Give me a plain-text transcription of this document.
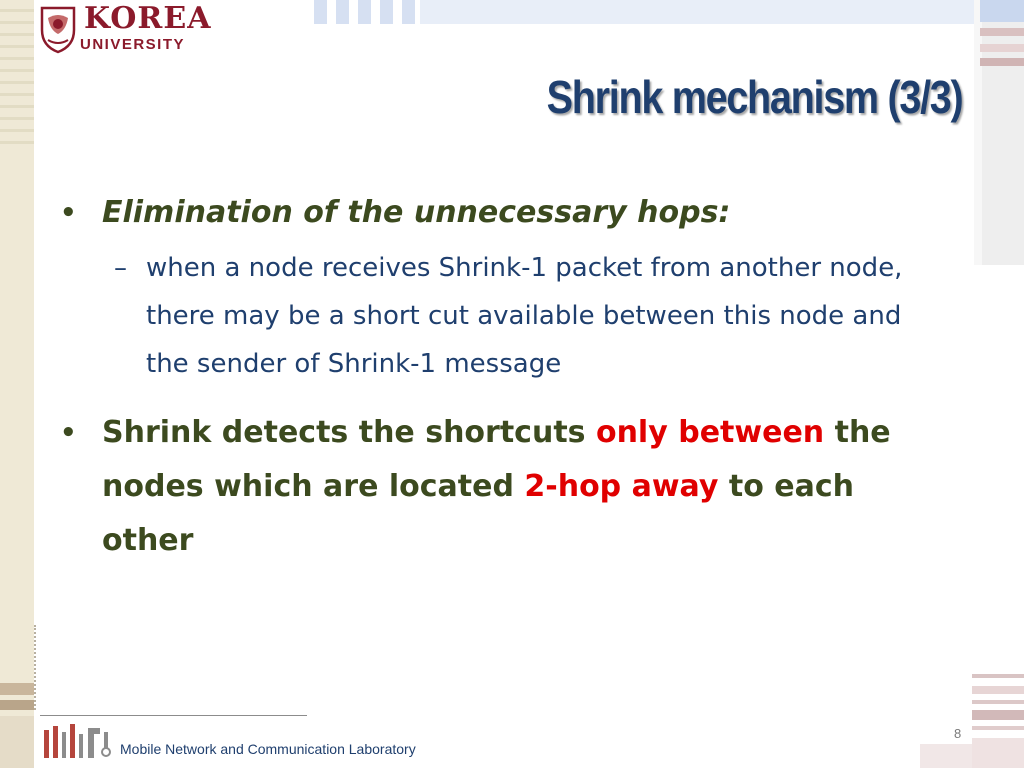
KOREA
UNIVERSITY
Shrink mechanism (3/3)
• Elimination of the unnecessary hops:
– when a node receives Shrink-1 packet from another node, there may be a short cut available between this node and the sender of Shrink-1 message
• Shrink detects the shortcuts only between the nodes which are located 2-hop away to each other
Mobile Network and Communication Laboratory
8
